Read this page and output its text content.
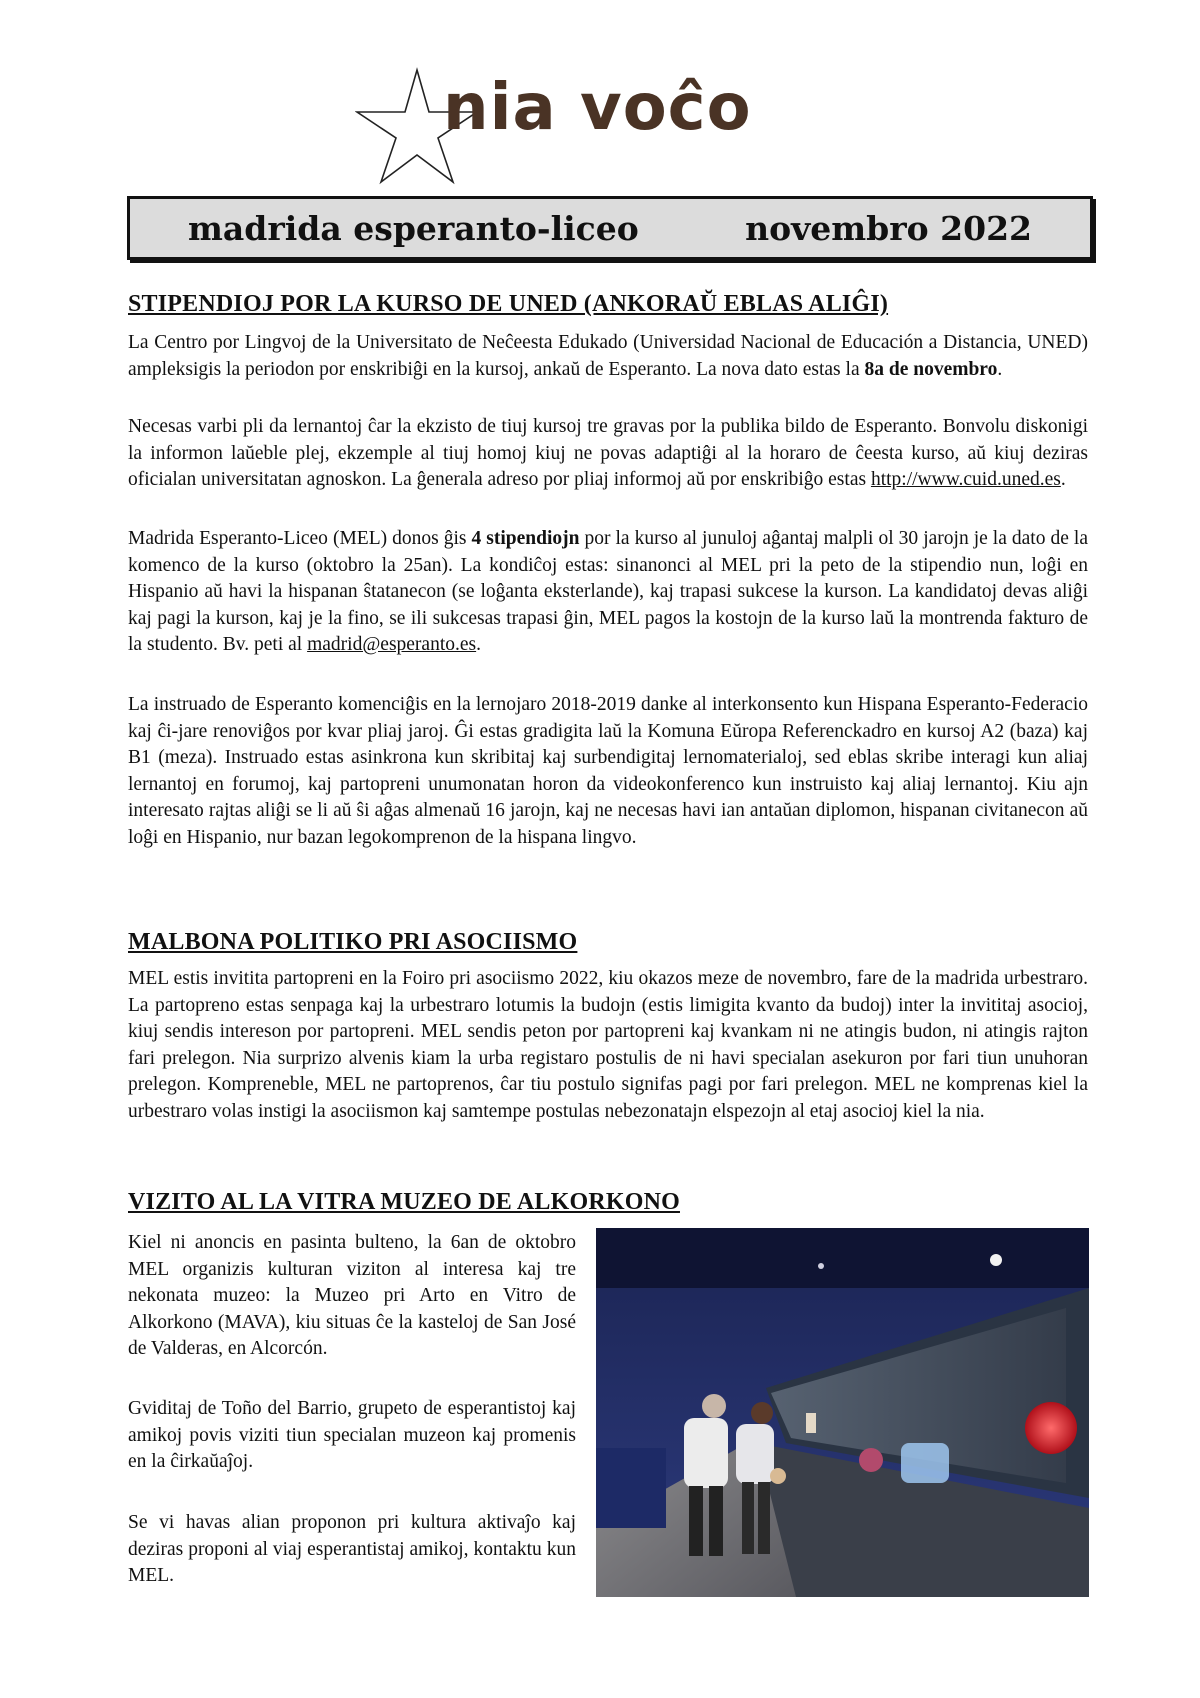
nia voĉo
madrida esperanto-liceo	novembro 2022
STIPENDIOJ POR LA KURSO DE UNED (ANKORAŬ EBLAS ALIĜI)

La Centro por Lingvoj de la Universitato de Neĉeesta Edukado (Universidad Nacional de Educación a Distancia, UNED) ampleksigis la periodon por enskribiĝi en la kursoj, ankaŭ de Esperanto. La nova dato estas la 8a de novembro.

Necesas varbi pli da lernantoj ĉar la ekzisto de tiuj kursoj tre gravas por la publika bildo de Esperanto. Bonvolu diskonigi la informon laŭeble plej, ekzemple al tiuj homoj kiuj ne povas adaptiĝi al la horaro de ĉeesta kurso, aŭ kiuj deziras oficialan universitatan agnoskon. La ĝenerala adreso por pliaj informoj aŭ por enskribiĝo estas http://www.cuid.uned.es.

Madrida Esperanto-Liceo (MEL) donos ĝis 4 stipendiojn por la kurso al junuloj aĝantaj malpli ol 30 jarojn je la dato de la komenco de la kurso (oktobro la 25an). La kondiĉoj estas: sinanonci al MEL pri la peto de la stipendio nun, loĝi en Hispanio aŭ havi la hispanan ŝtatanecon (se loĝanta eksterlande), kaj trapasi sukcese la kurson. La kandidatoj devas aliĝi kaj pagi la kurson, kaj je la fino, se ili sukcesas trapasi ĝin, MEL pagos la kostojn de la kurso laŭ la montrenda fakturo de la studento. Bv. peti al madrid@esperanto.es.

La instruado de Esperanto komenciĝis en la lernojaro 2018-2019 danke al interkonsento kun Hispana Esperanto-Federacio kaj ĉi-jare renoviĝos por kvar pliaj jaroj. Ĝi estas gradigita laŭ la Komuna Eŭropa Referenckadro en kursoj A2 (baza) kaj B1 (meza). Instruado estas asinkrona kun skribitaj kaj surbendigitaj lernomaterialoj, sed eblas skribe interagi kun aliaj lernantoj en forumoj, kaj partopreni unumonatan horon da videokonferenco kun instruisto kaj aliaj lernantoj. Kiu ajn interesato rajtas aliĝi se li aŭ ŝi aĝas almenaŭ 16 jarojn, kaj ne necesas havi ian antaŭan diplomon, hispanan civitanecon aŭ loĝi en Hispanio, nur bazan legokomprenon de la hispana lingvo.

MALBONA POLITIKO PRI ASOCIISMO

MEL estis invitita partopreni en la Foiro pri asociismo 2022, kiu okazos meze de novembro, fare de la madrida urbestraro. La partopreno estas senpaga kaj la urbestraro lotumis la budojn (estis limigita kvanto da budoj) inter la invititaj asocioj, kiuj sendis intereson por partopreni. MEL sendis peton por partopreni kaj kvankam ni ne atingis budon, ni atingis rajton fari prelegon. Nia surprizo alvenis kiam la urba registaro postulis de ni havi specialan asekuron por fari tiun unuhoran prelegon. Kompreneble, MEL ne partoprenos, ĉar tiu postulo signifas pagi por fari prelegon. MEL ne komprenas kiel la urbestraro volas instigi la asociismon kaj samtempe postulas nebezonatajn elspezojn al etaj asocioj kiel la nia.

VIZITO AL LA VITRA MUZEO DE ALKORKONO

Kiel ni anoncis en pasinta bulteno, la 6an de oktobro MEL organizis kulturan viziton al interesa kaj tre nekonata muzeo: la Muzeo pri Arto en Vitro de Alkorkono (MAVA), kiu situas ĉe la kasteloj de San José de Valderas, en Alcorcón.

Gviditaj de Toño del Barrio, grupeto de esperantistoj kaj amikoj povis viziti tiun specialan muzeon kaj promenis en la ĉirkaŭaĵoj.

Se vi havas alian proponon pri kultura aktivaĵo kaj deziras proponi al viaj esperantistaj amikoj, kontaktu kun MEL.
